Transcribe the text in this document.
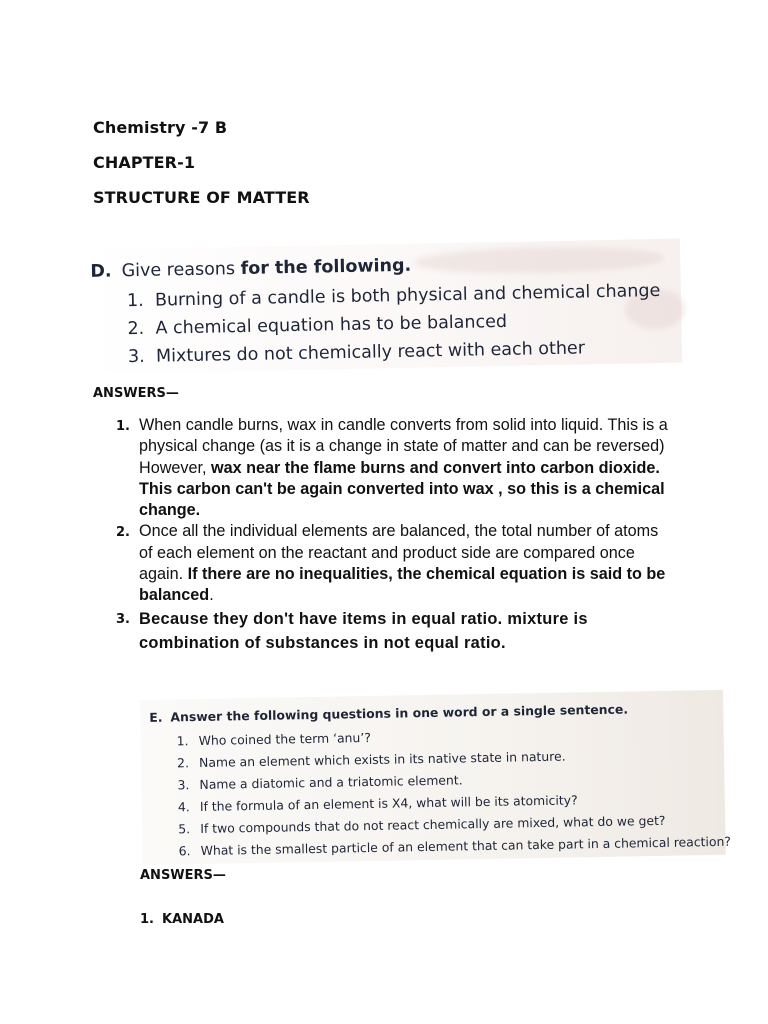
Chemistry -7 B
CHAPTER-1
STRUCTURE OF MATTER
D. Give reasons for the following.
1. Burning of a candle is both physical and chemical change
2. A chemical equation has to be balanced
3. Mixtures do not chemically react with each other
ANSWERS—
1. When candle burns, wax in candle converts from solid into liquid. This is a physical change (as it is a change in state of matter and can be reversed) However, wax near the flame burns and convert into carbon dioxide. This carbon can't be again converted into wax , so this is a chemical change.

2. Once all the individual elements are balanced, the total number of atoms of each element on the reactant and product side are compared once again. If there are no inequalities, the chemical equation is said to be balanced.

3. Because they don't have items in equal ratio. mixture is combination of substances in not equal ratio.

E. Answer the following questions in one word or a single sentence.
1. Who coined the term ‘anu’?
2. Name an element which exists in its native state in nature.
3. Name a diatomic and a triatomic element.
4. If the formula of an element is X4, what will be its atomicity?
5. If two compounds that do not react chemically are mixed, what do we get?
6. What is the smallest particle of an element that can take part in a chemical reaction?
ANSWERS—
1. KANADA
